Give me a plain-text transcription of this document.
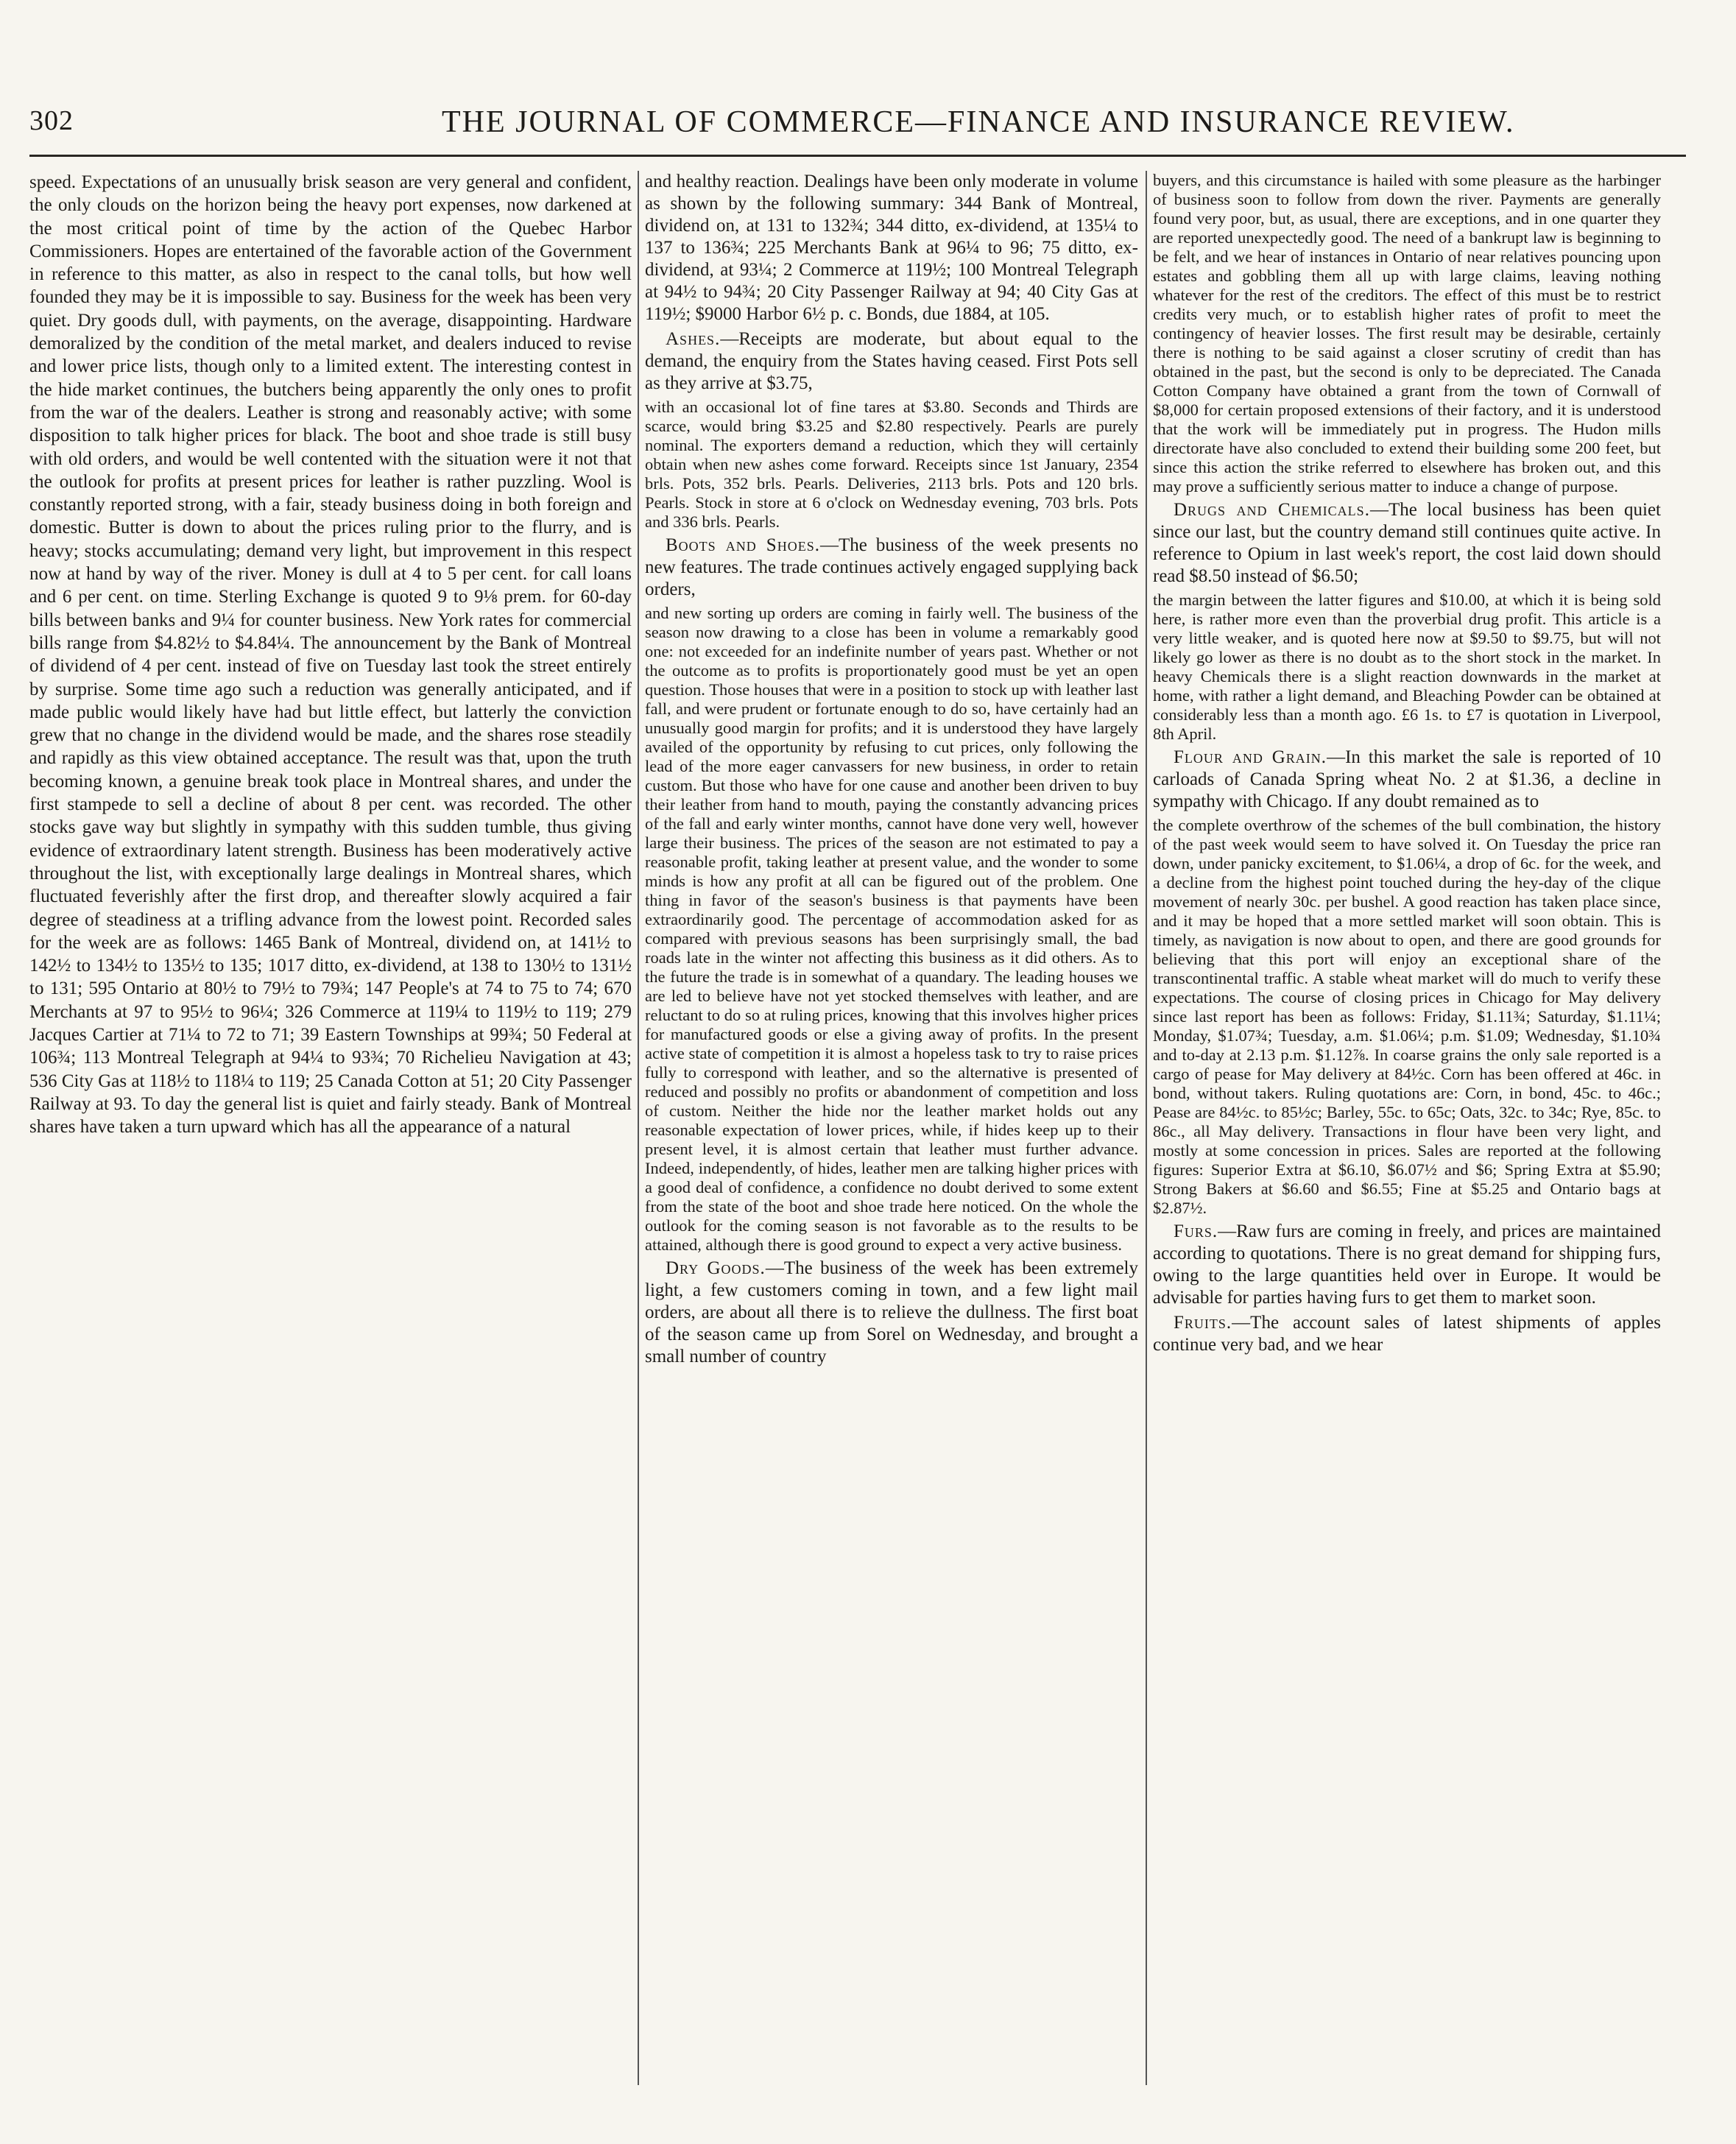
302	THE JOURNAL OF COMMERCE—FINANCE AND INSURANCE REVIEW.

speed. Expectations of an unusually brisk season are very general and confident, the only clouds on the horizon being the heavy port expenses, now darkened at the most critical point of time by the action of the Quebec Harbor Commissioners. Hopes are entertained of the favorable action of the Government in reference to this matter, as also in respect to the canal tolls, but how well founded they may be it is impossible to say. Business for the week has been very quiet. Dry goods dull, with payments, on the average, disappointing. Hardware demoralized by the condition of the metal market, and dealers induced to revise and lower price lists, though only to a limited extent. The interesting contest in the hide market continues, the butchers being apparently the only ones to profit from the war of the dealers. Leather is strong and reasonably active; with some disposition to talk higher prices for black. The boot and shoe trade is still busy with old orders, and would be well contented with the situation were it not that the outlook for profits at present prices for leather is rather puzzling. Wool is constantly reported strong, with a fair, steady business doing in both foreign and domestic. Butter is down to about the prices ruling prior to the flurry, and is heavy; stocks accumulating; demand very light, but improvement in this respect now at hand by way of the river. Money is dull at 4 to 5 per cent. for call loans and 6 per cent. on time. Sterling Exchange is quoted 9 to 9⅛ prem. for 60-day bills between banks and 9¼ for counter business. New York rates for commercial bills range from $4.82½ to $4.84¼. The announcement by the Bank of Montreal of dividend of 4 per cent. instead of five on Tuesday last took the street entirely by surprise. Some time ago such a reduction was generally anticipated, and if made public would likely have had but little effect, but latterly the conviction grew that no change in the dividend would be made, and the shares rose steadily and rapidly as this view obtained acceptance. The result was that, upon the truth becoming known, a genuine break took place in Montreal shares, and under the first stampede to sell a decline of about 8 per cent. was recorded. The other stocks gave way but slightly in sympathy with this sudden tumble, thus giving evidence of extraordinary latent strength. Business has been moderatively active throughout the list, with exceptionally large dealings in Montreal shares, which fluctuated feverishly after the first drop, and thereafter slowly acquired a fair degree of steadiness at a trifling advance from the lowest point. Recorded sales for the week are as follows: 1465 Bank of Montreal, dividend on, at 141½ to 142½ to 134½ to 135½ to 135; 1017 ditto, ex-dividend, at 138 to 130½ to 131½ to 131; 595 Ontario at 80½ to 79½ to 79¾; 147 People's at 74 to 75 to 74; 670 Merchants at 97 to 95½ to 96¼; 326 Commerce at 119¼ to 119½ to 119; 279 Jacques Cartier at 71¼ to 72 to 71; 39 Eastern Townships at 99¾; 50 Federal at 106¾; 113 Montreal Telegraph at 94¼ to 93¾; 70 Richelieu Navigation at 43; 536 City Gas at 118½ to 118¼ to 119; 25 Canada Cotton at 51; 20 City Passenger Railway at 93. To day the general list is quiet and fairly steady. Bank of Montreal shares have taken a turn upward which has all the appearance of a natural

and healthy reaction. Dealings have been only moderate in volume as shown by the following summary: 344 Bank of Montreal, dividend on, at 131 to 132¾; 344 ditto, ex-dividend, at 135¼ to 137 to 136¾; 225 Merchants Bank at 96¼ to 96; 75 ditto, ex-dividend, at 93¼; 2 Commerce at 119½; 100 Montreal Telegraph at 94½ to 94¾; 20 City Passenger Railway at 94; 40 City Gas at 119½; $9000 Harbor 6½ p. c. Bonds, due 1884, at 105.

Ashes.—Receipts are moderate, but about equal to the demand, the enquiry from the States having ceased. First Pots sell as they arrive at $3.75,

with an occasional lot of fine tares at $3.80. Seconds and Thirds are scarce, would bring $3.25 and $2.80 respectively. Pearls are purely nominal. The exporters demand a reduction, which they will certainly obtain when new ashes come forward. Receipts since 1st January, 2354 brls. Pots, 352 brls. Pearls. Deliveries, 2113 brls. Pots and 120 brls. Pearls. Stock in store at 6 o'clock on Wednesday evening, 703 brls. Pots and 336 brls. Pearls.

Boots and Shoes.—The business of the week presents no new features. The trade continues actively engaged supplying back orders,

and new sorting up orders are coming in fairly well. The business of the season now drawing to a close has been in volume a remarkably good one: not exceeded for an indefinite number of years past. Whether or not the outcome as to profits is proportionately good must be yet an open question. Those houses that were in a position to stock up with leather last fall, and were prudent or fortunate enough to do so, have certainly had an unusually good margin for profits; and it is understood they have largely availed of the opportunity by refusing to cut prices, only following the lead of the more eager canvassers for new business, in order to retain custom. But those who have for one cause and another been driven to buy their leather from hand to mouth, paying the constantly advancing prices of the fall and early winter months, cannot have done very well, however large their business. The prices of the season are not estimated to pay a reasonable profit, taking leather at present value, and the wonder to some minds is how any profit at all can be figured out of the problem. One thing in favor of the season's business is that payments have been extraordinarily good. The percentage of accommodation asked for as compared with previous seasons has been surprisingly small, the bad roads late in the winter not affecting this business as it did others. As to the future the trade is in somewhat of a quandary. The leading houses we are led to believe have not yet stocked themselves with leather, and are reluctant to do so at ruling prices, knowing that this involves higher prices for manufactured goods or else a giving away of profits. In the present active state of competition it is almost a hopeless task to try to raise prices fully to correspond with leather, and so the alternative is presented of reduced and possibly no profits or abandonment of competition and loss of custom. Neither the hide nor the leather market holds out any reasonable expectation of lower prices, while, if hides keep up to their present level, it is almost certain that leather must further advance. Indeed, independently, of hides, leather men are talking higher prices with a good deal of confidence, a confidence no doubt derived to some extent from the state of the boot and shoe trade here noticed. On the whole the outlook for the coming season is not favorable as to the results to be attained, although there is good ground to expect a very active business.

Dry Goods.—The business of the week has been extremely light, a few customers coming in town, and a few light mail orders, are about all there is to relieve the dullness. The first boat of the season came up from Sorel on Wednesday, and brought a small number of country

buyers, and this circumstance is hailed with some pleasure as the harbinger of business soon to follow from down the river. Payments are generally found very poor, but, as usual, there are exceptions, and in one quarter they are reported unexpectedly good. The need of a bankrupt law is beginning to be felt, and we hear of instances in Ontario of near relatives pouncing upon estates and gobbling them all up with large claims, leaving nothing whatever for the rest of the creditors. The effect of this must be to restrict credits very much, or to establish higher rates of profit to meet the contingency of heavier losses. The first result may be desirable, certainly there is nothing to be said against a closer scrutiny of credit than has obtained in the past, but the second is only to be depreciated. The Canada Cotton Company have obtained a grant from the town of Cornwall of $8,000 for certain proposed extensions of their factory, and it is understood that the work will be immediately put in progress. The Hudon mills directorate have also concluded to extend their building some 200 feet, but since this action the strike referred to elsewhere has broken out, and this may prove a sufficiently serious matter to induce a change of purpose.

Drugs and Chemicals.—The local business has been quiet since our last, but the country demand still continues quite active. In reference to Opium in last week's report, the cost laid down should read $8.50 instead of $6.50;

the margin between the latter figures and $10.00, at which it is being sold here, is rather more even than the proverbial drug profit. This article is a very little weaker, and is quoted here now at $9.50 to $9.75, but will not likely go lower as there is no doubt as to the short stock in the market. In heavy Chemicals there is a slight reaction downwards in the market at home, with rather a light demand, and Bleaching Powder can be obtained at considerably less than a month ago. £6 1s. to £7 is quotation in Liverpool, 8th April.

Flour and Grain.—In this market the sale is reported of 10 carloads of Canada Spring wheat No. 2 at $1.36, a decline in sympathy with Chicago. If any doubt remained as to

the complete overthrow of the schemes of the bull combination, the history of the past week would seem to have solved it. On Tuesday the price ran down, under panicky excitement, to $1.06¼, a drop of 6c. for the week, and a decline from the highest point touched during the hey-day of the clique movement of nearly 30c. per bushel. A good reaction has taken place since, and it may be hoped that a more settled market will soon obtain. This is timely, as navigation is now about to open, and there are good grounds for believing that this port will enjoy an exceptional share of the transcontinental traffic. A stable wheat market will do much to verify these expectations. The course of closing prices in Chicago for May delivery since last report has been as follows: Friday, $1.11¾; Saturday, $1.11¼; Monday, $1.07¾; Tuesday, a.m. $1.06¼; p.m. $1.09; Wednesday, $1.10¾ and to-day at 2.13 p.m. $1.12⅞. In coarse grains the only sale reported is a cargo of pease for May delivery at 84½c. Corn has been offered at 46c. in bond, without takers. Ruling quotations are: Corn, in bond, 45c. to 46c.; Pease are 84½c. to 85½c; Barley, 55c. to 65c; Oats, 32c. to 34c; Rye, 85c. to 86c., all May delivery. Transactions in flour have been very light, and mostly at some concession in prices. Sales are reported at the following figures: Superior Extra at $6.10, $6.07½ and $6; Spring Extra at $5.90; Strong Bakers at $6.60 and $6.55; Fine at $5.25 and Ontario bags at $2.87½.

Furs.—Raw furs are coming in freely, and prices are maintained according to quotations. There is no great demand for shipping furs, owing to the large quantities held over in Europe. It would be advisable for parties having furs to get them to market soon.

Fruits.—The account sales of latest shipments of apples continue very bad, and we hear
